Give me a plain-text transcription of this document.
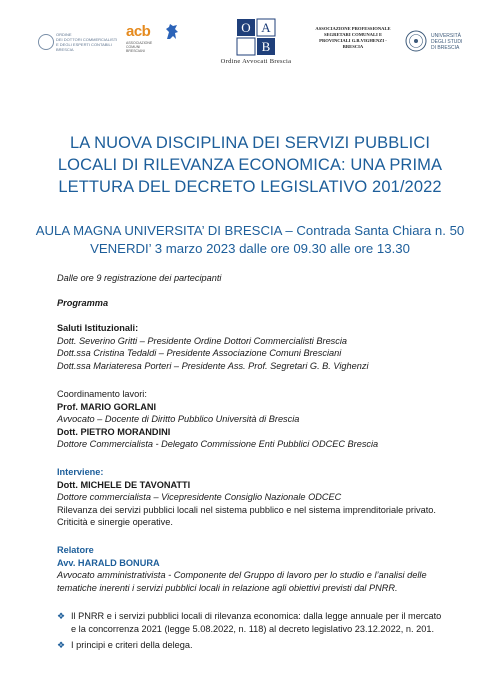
ORDINE
DEI DOTTORI COMMERCIALISTI
E DEGLI ESPERTI CONTABILI
BRESCIA
acb
ASSOCIAZIONE
COMUNI
BRESCIANI
O A
B
Ordine Avvocati Brescia
ASSOCIAZIONE PROFESSIONALE SEGRETARI COMUNALI E PROVINCIALI G.B.VIGHENZI - BRESCIA
UNIVERSITÀ
DEGLI STUDI
DI BRESCIA
LA NUOVA DISCIPLINA DEI SERVIZI PUBBLICI
LOCALI DI RILEVANZA ECONOMICA: UNA PRIMA
LETTURA DEL DECRETO LEGISLATIVO 201/2022
AULA MAGNA UNIVERSITA’ DI BRESCIA – Contrada Santa Chiara n. 50
VENERDI’ 3 marzo 2023 dalle ore 09.30 alle ore 13.30
Dalle ore 9 registrazione dei partecipanti
Programma
Saluti Istituzionali:
Dott. Severino Gritti – Presidente Ordine Dottori Commercialisti Brescia
Dott.ssa Cristina Tedaldi – Presidente Associazione Comuni Bresciani
Dott.ssa Mariateresa Porteri – Presidente Ass. Prof. Segretari G. B. Vighenzi
Coordinamento lavori:
Prof. MARIO GORLANI
Avvocato – Docente di Diritto Pubblico Università di Brescia
Dott. PIETRO MORANDINI
Dottore Commercialista - Delegato Commissione Enti Pubblici ODCEC Brescia
Interviene:
Dott. MICHELE DE TAVONATTI
Dottore commercialista – Vicepresidente Consiglio Nazionale ODCEC
Rilevanza dei servizi pubblici locali nel sistema pubblico e nel sistema imprenditoriale privato.
Criticità e sinergie operative.
Relatore
Avv. HARALD BONURA
Avvocato amministrativista - Componente del Gruppo di lavoro per lo studio e l’analisi delle
tematiche inerenti i servizi pubblici locali in relazione agli obiettivi previsti dal PNRR.
❖ Il PNRR e i servizi pubblici locali di rilevanza economica: dalla legge annuale per il mercato
e la concorrenza 2021 (legge 5.08.2022, n. 118) al decreto legislativo 23.12.2022, n. 201.
❖ I principi e criteri della delega.
